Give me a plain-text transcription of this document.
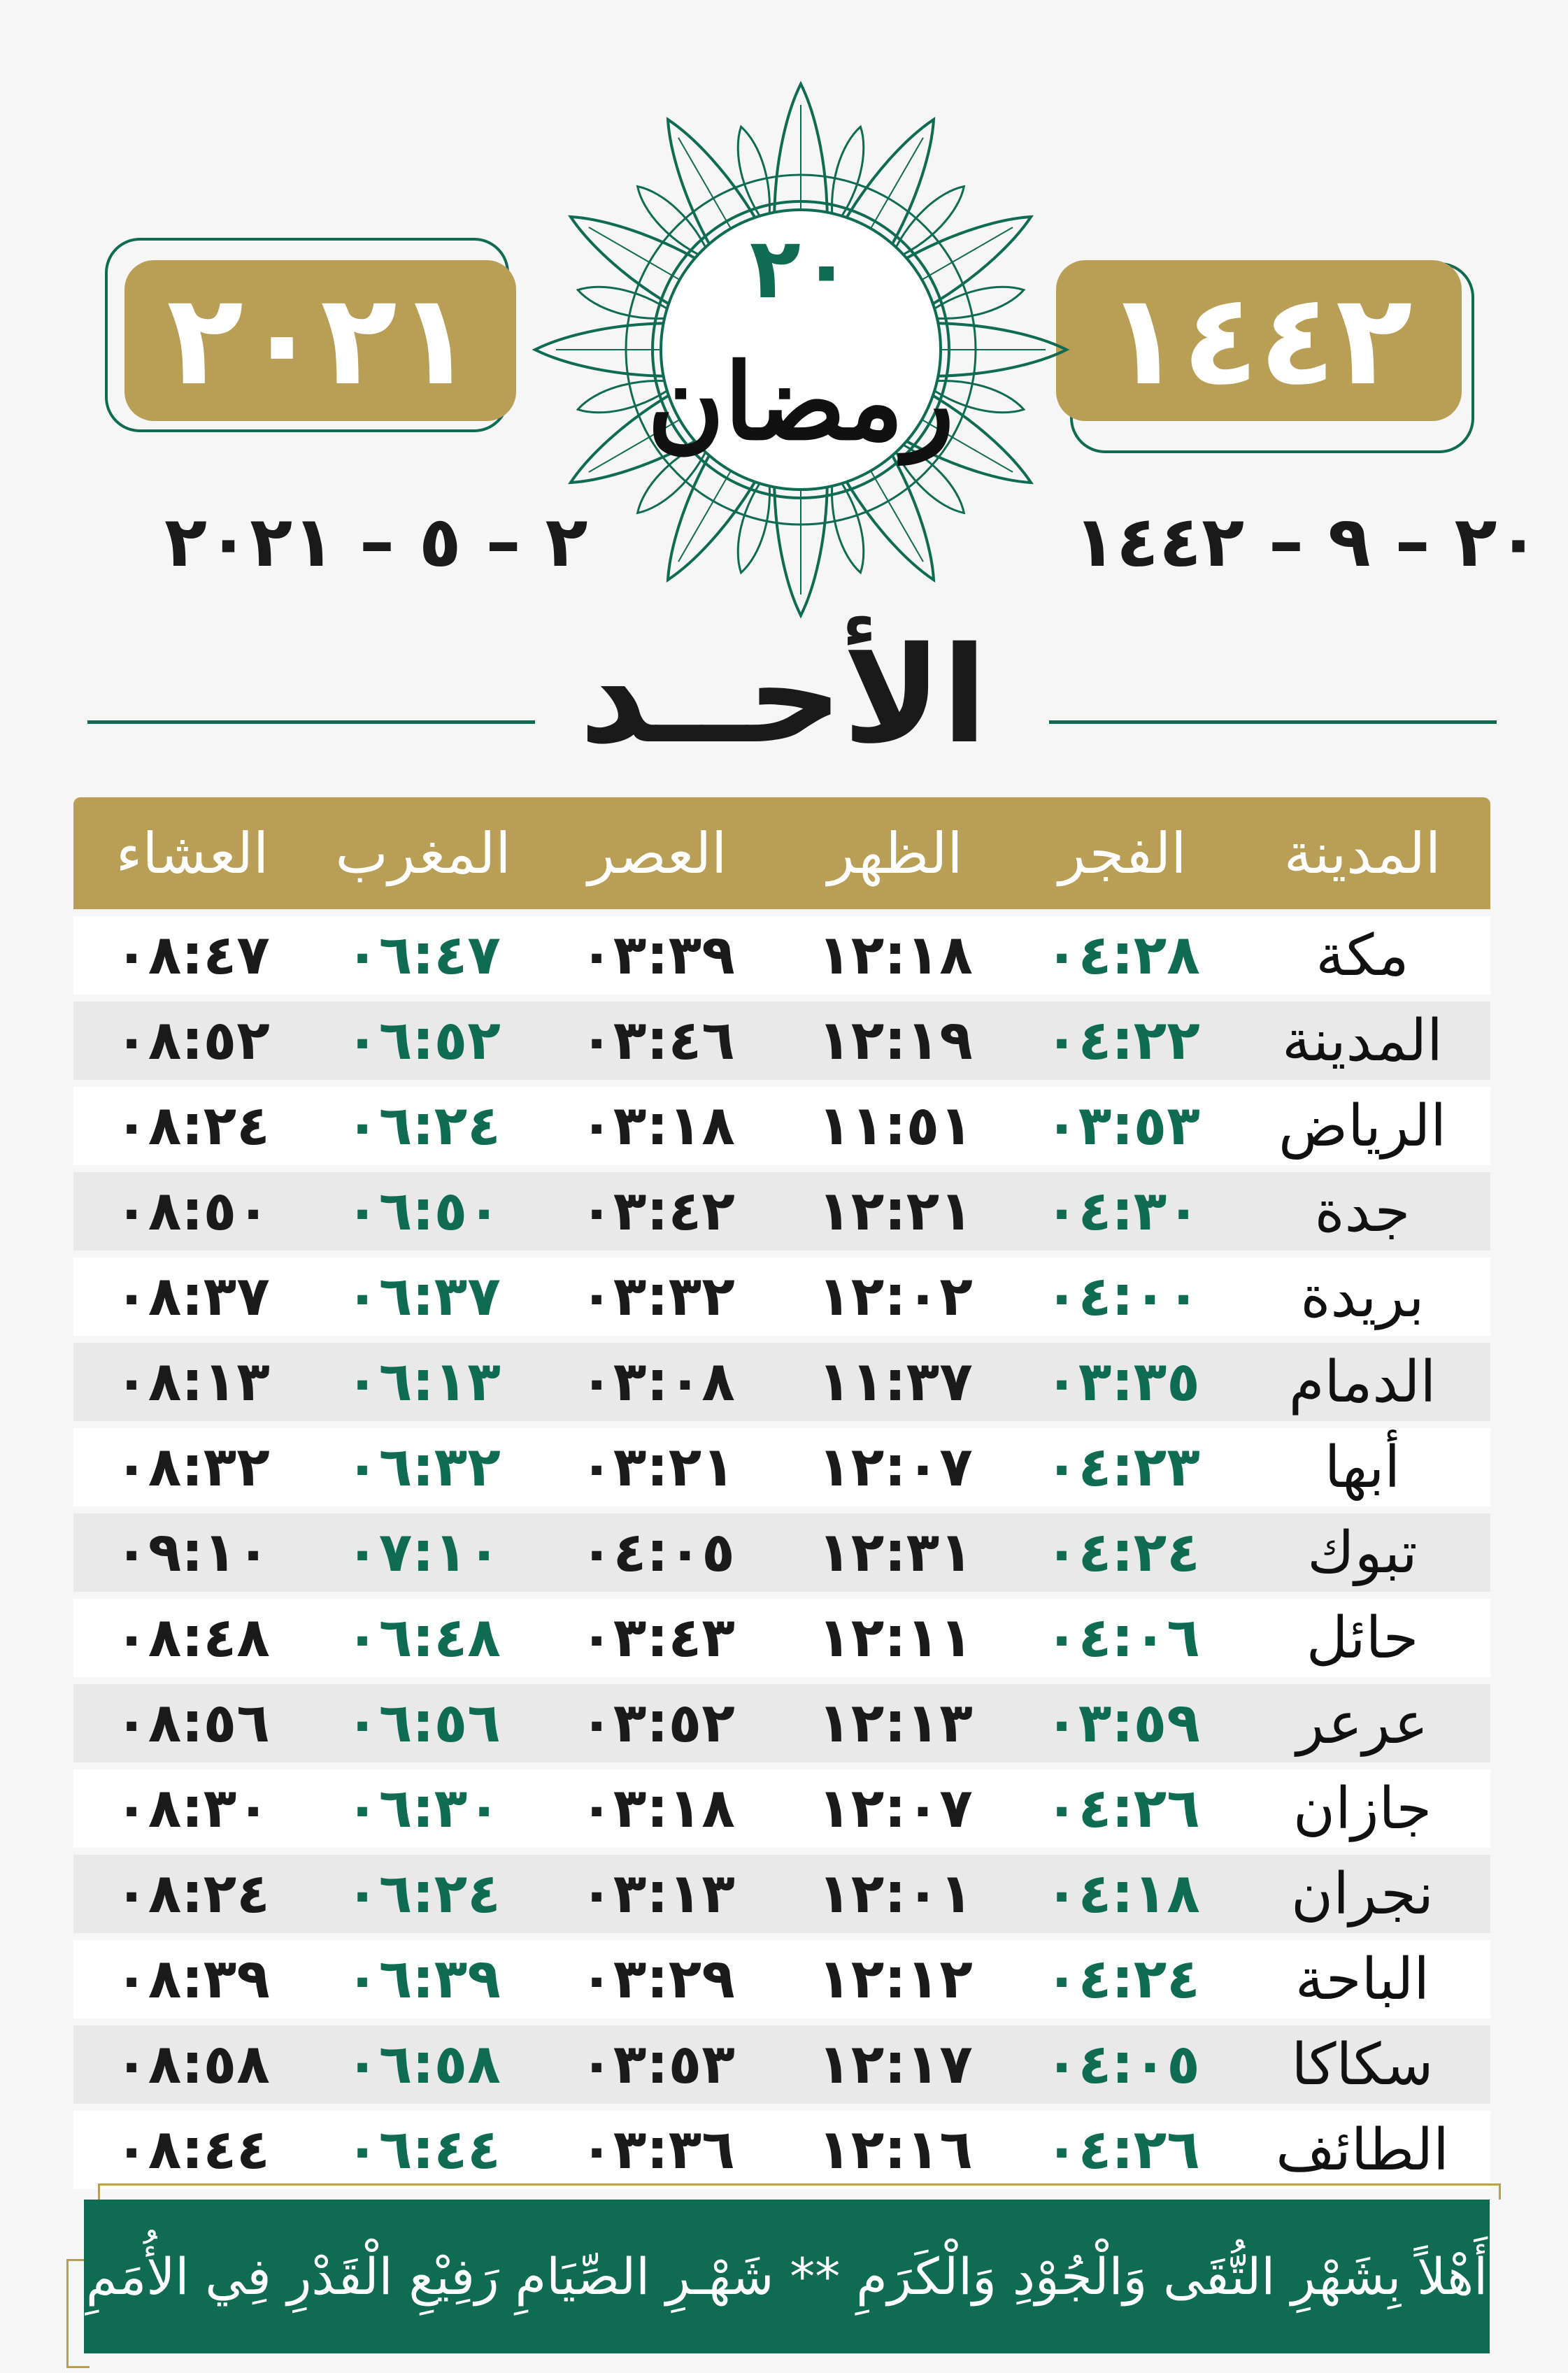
٢٠٢١	١٤٤٢
٢ – ٥ – ٢٠٢١	٢٠ – ٩ – ١٤٤٢
٢٠
رمضان
الأحــد
العشاء	المغرب	العصر	الظهر	الفجر	المدينة
٠٨:٤٧	٠٦:٤٧	٠٣:٣٩	١٢:١٨	٠٤:٢٨	مكة
٠٨:٥٢	٠٦:٥٢	٠٣:٤٦	١٢:١٩	٠٤:٢٢	المدينة
٠٨:٢٤	٠٦:٢٤	٠٣:١٨	١١:٥١	٠٣:٥٣	الرياض
٠٨:٥٠	٠٦:٥٠	٠٣:٤٢	١٢:٢١	٠٤:٣٠	جدة
٠٨:٣٧	٠٦:٣٧	٠٣:٣٢	١٢:٠٢	٠٤:٠٠	بريدة
٠٨:١٣	٠٦:١٣	٠٣:٠٨	١١:٣٧	٠٣:٣٥	الدمام
٠٨:٣٢	٠٦:٣٢	٠٣:٢١	١٢:٠٧	٠٤:٢٣	أبها
٠٩:١٠	٠٧:١٠	٠٤:٠٥	١٢:٣١	٠٤:٢٤	تبوك
٠٨:٤٨	٠٦:٤٨	٠٣:٤٣	١٢:١١	٠٤:٠٦	حائل
٠٨:٥٦	٠٦:٥٦	٠٣:٥٢	١٢:١٣	٠٣:٥٩	عرعر
٠٨:٣٠	٠٦:٣٠	٠٣:١٨	١٢:٠٧	٠٤:٢٦	جازان
٠٨:٢٤	٠٦:٢٤	٠٣:١٣	١٢:٠١	٠٤:١٨	نجران
٠٨:٣٩	٠٦:٣٩	٠٣:٢٩	١٢:١٢	٠٤:٢٤	الباحة
٠٨:٥٨	٠٦:٥٨	٠٣:٥٣	١٢:١٧	٠٤:٠٥	سكاكا
٠٨:٤٤	٠٦:٤٤	٠٣:٣٦	١٢:١٦	٠٤:٢٦	الطائف
أَهْلاً بِشَهْرِ التُّقَى وَالْجُوْدِ وَالْكَرَمِ ** شَهْـرِ الصِّيَامِ رَفِيْعِ الْقَدْرِ فِي الأُمَمِ
